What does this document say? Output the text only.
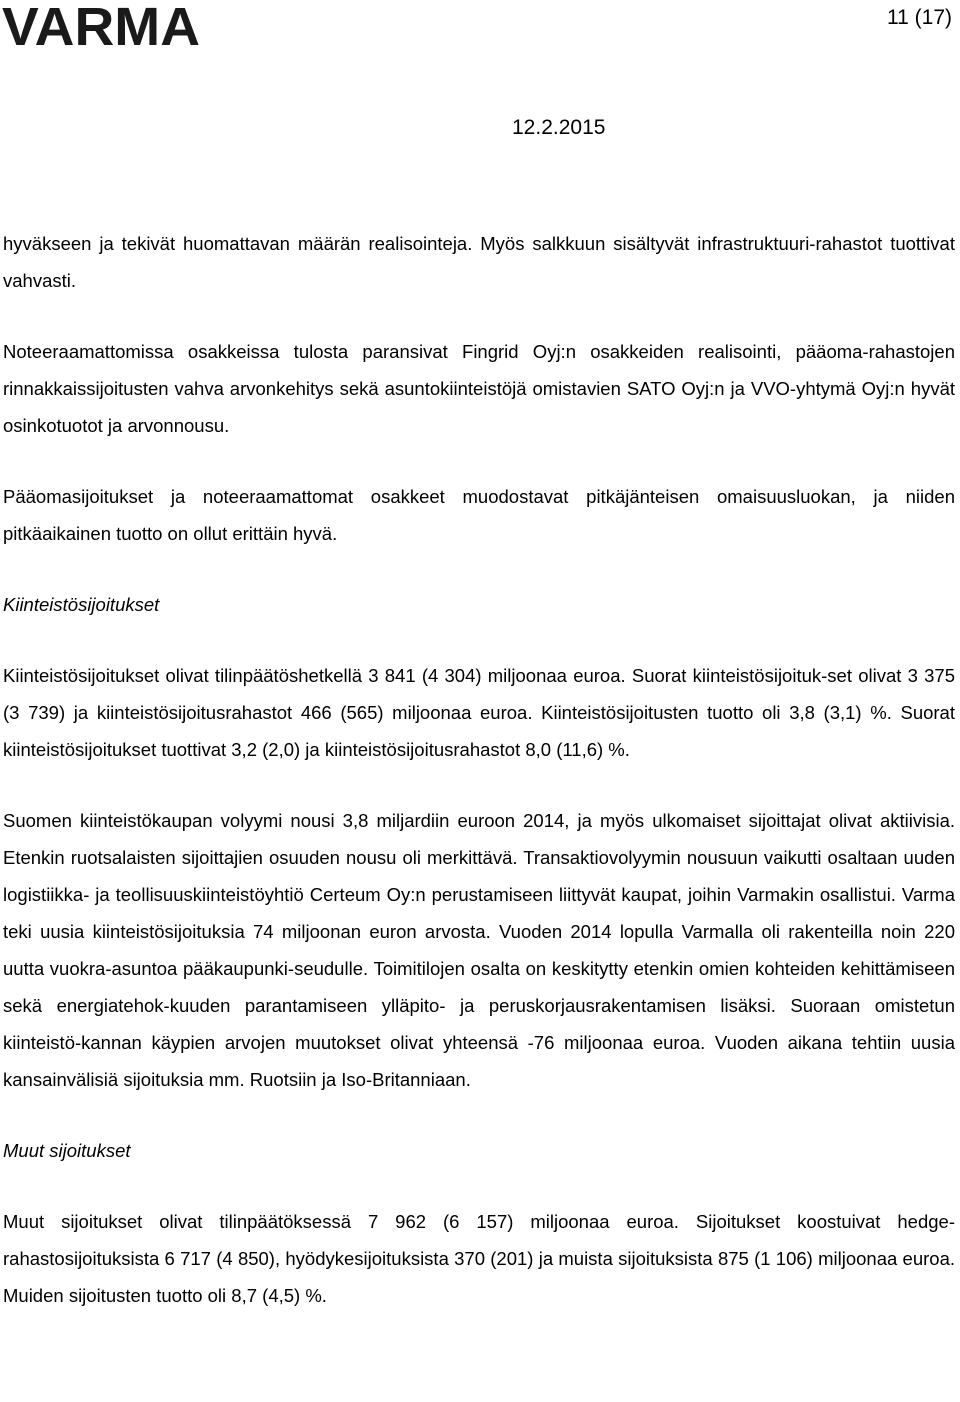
VARMA	11 (17)
12.2.2015

hyväkseen ja tekivät huomattavan määrän realisointeja. Myös salkkuun sisältyvät infrastruktuuri-rahastot tuottivat vahvasti.

Noteeraamattomissa osakkeissa tulosta paransivat Fingrid Oyj:n osakkeiden realisointi, pääoma-rahastojen rinnakkaissijoitusten vahva arvonkehitys sekä asuntokiinteistöjä omistavien SATO Oyj:n ja VVO-yhtymä Oyj:n hyvät osinkotuotot ja arvonnousu.

Pääomasijoitukset ja noteeraamattomat osakkeet muodostavat pitkäjänteisen omaisuusluokan, ja niiden pitkäaikainen tuotto on ollut erittäin hyvä.

Kiinteistösijoitukset

Kiinteistösijoitukset olivat tilinpäätöshetkellä 3 841 (4 304) miljoonaa euroa. Suorat kiinteistösijoituk-set olivat 3 375 (3 739) ja kiinteistösijoitusrahastot 466 (565) miljoonaa euroa. Kiinteistösijoitusten tuotto oli 3,8 (3,1) %. Suorat kiinteistösijoitukset tuottivat 3,2 (2,0) ja kiinteistösijoitusrahastot 8,0 (11,6) %.

Suomen kiinteistökaupan volyymi nousi 3,8 miljardiin euroon 2014, ja myös ulkomaiset sijoittajat olivat aktiivisia. Etenkin ruotsalaisten sijoittajien osuuden nousu oli merkittävä. Transaktiovolyymin nousuun vaikutti osaltaan uuden logistiikka- ja teollisuuskiinteistöyhtiö Certeum Oy:n perustamiseen liittyvät kaupat, joihin Varmakin osallistui. Varma teki uusia kiinteistösijoituksia 74 miljoonan euron arvosta. Vuoden 2014 lopulla Varmalla oli rakenteilla noin 220 uutta vuokra-asuntoa pääkaupunki-seudulle. Toimitilojen osalta on keskitytty etenkin omien kohteiden kehittämiseen sekä energiatehok-kuuden parantamiseen ylläpito- ja peruskorjausrakentamisen lisäksi. Suoraan omistetun kiinteistö-kannan käypien arvojen muutokset olivat yhteensä -76 miljoonaa euroa. Vuoden aikana tehtiin uusia kansainvälisiä sijoituksia mm. Ruotsiin ja Iso-Britanniaan.

Muut sijoitukset

Muut sijoitukset olivat tilinpäätöksessä 7 962 (6 157) miljoonaa euroa. Sijoitukset koostuivat hedge-rahastosijoituksista 6 717 (4 850), hyödykesijoituksista 370 (201) ja muista sijoituksista 875 (1 106) miljoonaa euroa. Muiden sijoitusten tuotto oli 8,7 (4,5) %.
